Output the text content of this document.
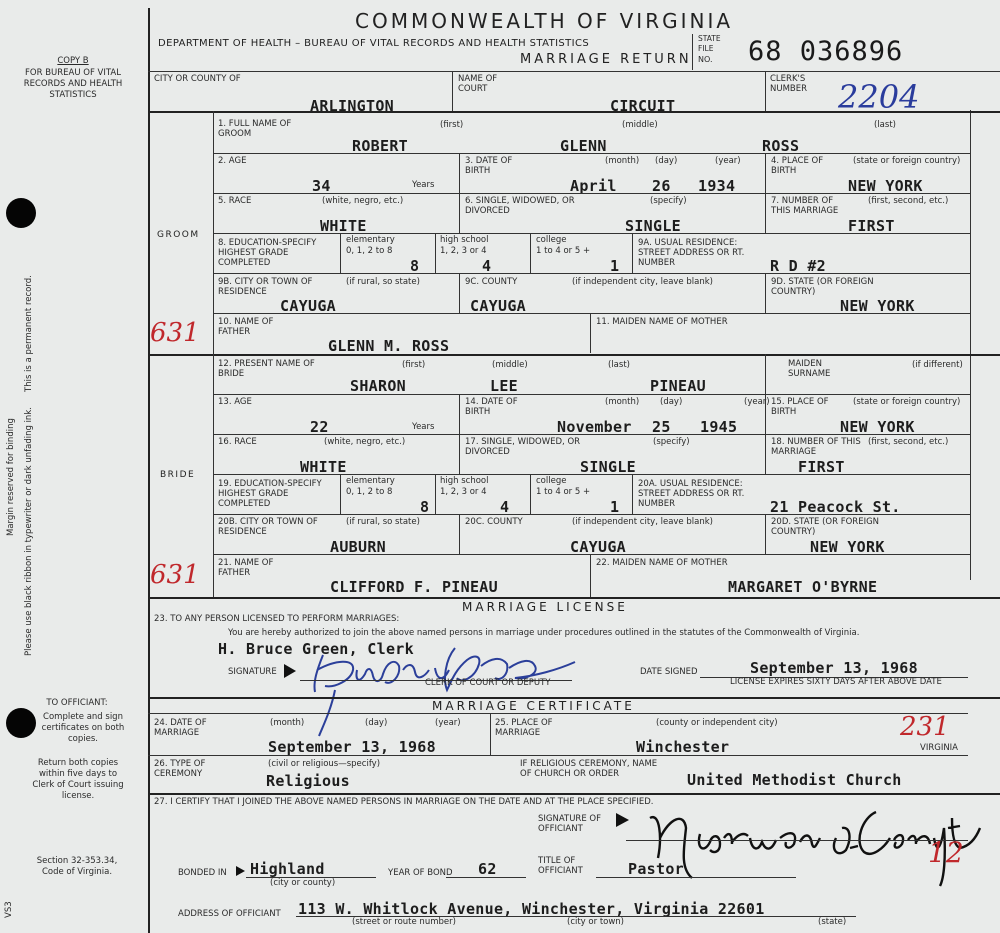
COPY B
FOR BUREAU OF VITAL RECORDS AND HEALTH STATISTICS
Margin reserved for binding Please use black ribbon in typewriter or dark unfading ink.
This is a permanent record.
TO OFFICIANT:
Complete and sign certificates on both copies.
Return both copies within five days to Clerk of Court issuing license.
Section 32-353.34, Code of Virginia.
VS3
COMMONWEALTH OF VIRGINIA
DEPARTMENT OF HEALTH – BUREAU OF VITAL RECORDS AND HEALTH STATISTICS
MARRIAGE RETURN
STATE
FILE
NO. 68 036896
CITY OR COUNTY OF
ARLINGTON
NAME OF COURT
CIRCUIT
CLERK'S NUMBER 2204
GROOM
631
1. FULL NAME OF GROOM
(first)	(middle)	(last)
ROBERT	GLENN	ROSS
2. AGE
34	Years
3. DATE OF BIRTH
(month) (day)	(year)
April 26 1934
4. PLACE OF BIRTH
(state or foreign country)
NEW YORK
5. RACE	(white, negro, etc.)
WHITE
6. SINGLE, WIDOWED, OR DIVORCED
(specify)
SINGLE
7. NUMBER OF THIS MARRIAGE
(first, second, etc.)
FIRST
8. EDUCATION-SPECIFY HIGHEST GRADE COMPLETED
elementary
0, 1, 2 to 8
8
high school
1, 2, 3 or 4
4
college
1 to 4 or 5 +
1
9A. USUAL RESIDENCE: STREET ADDRESS OR RT. NUMBER	R D #2
9B. CITY OR TOWN OF RESIDENCE
(if rural, so state)
CAYUGA
9C. COUNTY	(if independent city, leave blank)
CAYUGA
9D. STATE (OR FOREIGN COUNTRY)
NEW YORK
10. NAME OF FATHER
GLENN M. ROSS
11. MAIDEN NAME OF MOTHER
BRIDE
631
12. PRESENT NAME OF BRIDE
(first)	(middle)	(last)
SHARON	LEE	PINEAU
MAIDEN SURNAME
(if different)
13. AGE
22	Years
14. DATE OF BIRTH
(month) (day)	(year)
November 25 1945
15. PLACE OF BIRTH
(state or foreign country)
NEW YORK
16. RACE	(white, negro, etc.)
WHITE
17. SINGLE, WIDOWED, OR DIVORCED
(specify)
SINGLE
18. NUMBER OF THIS MARRIAGE
(first, second, etc.)
FIRST
19. EDUCATION-SPECIFY HIGHEST GRADE COMPLETED
elementary
0, 1, 2 to 8
8
high school
1, 2, 3 or 4
4
college
1 to 4 or 5 +
1
20A. USUAL RESIDENCE: STREET ADDRESS OR RT. NUMBER	21 Peacock St.
20B. CITY OR TOWN OF RESIDENCE
(if rural, so state)
AUBURN
20C. COUNTY	(if independent city, leave blank)
CAYUGA
20D. STATE (OR FOREIGN COUNTRY)
NEW YORK
21. NAME OF FATHER
CLIFFORD F. PINEAU
22. MAIDEN NAME OF MOTHER
MARGARET O'BYRNE
MARRIAGE LICENSE
23. TO ANY PERSON LICENSED TO PERFORM MARRIAGES:
You are hereby authorized to join the above named persons in marriage under procedures outlined in the statutes of the Commonwealth of Virginia.
H. Bruce Green, Clerk
SIGNATURE
CLERK OF COURT OR DEPUTY
DATE SIGNED	September 13, 1968
LICENSE EXPIRES SIXTY DAYS AFTER ABOVE DATE
MARRIAGE CERTIFICATE
24. DATE OF MARRIAGE
(month)	(day)	(year)
September 13, 1968
25. PLACE OF MARRIAGE
(county or independent city)
Winchester
231
VIRGINIA
26. TYPE OF CEREMONY
(civil or religious—specify)
Religious
IF RELIGIOUS CEREMONY, NAME OF CHURCH OR ORDER	United Methodist Church
27. I CERTIFY THAT I JOINED THE ABOVE NAMED PERSONS IN MARRIAGE ON THE DATE AND AT THE PLACE SPECIFIED.
SIGNATURE OF OFFICIANT
12
BONDED IN Highland
(city or county)
YEAR OF BOND 62	TITLE OF OFFICIANT	Pastor
ADDRESS OF OFFICIANT 113 W. Whitlock Avenue, Winchester, Virginia 22601
(street or route number)	(city or town)	(state)
